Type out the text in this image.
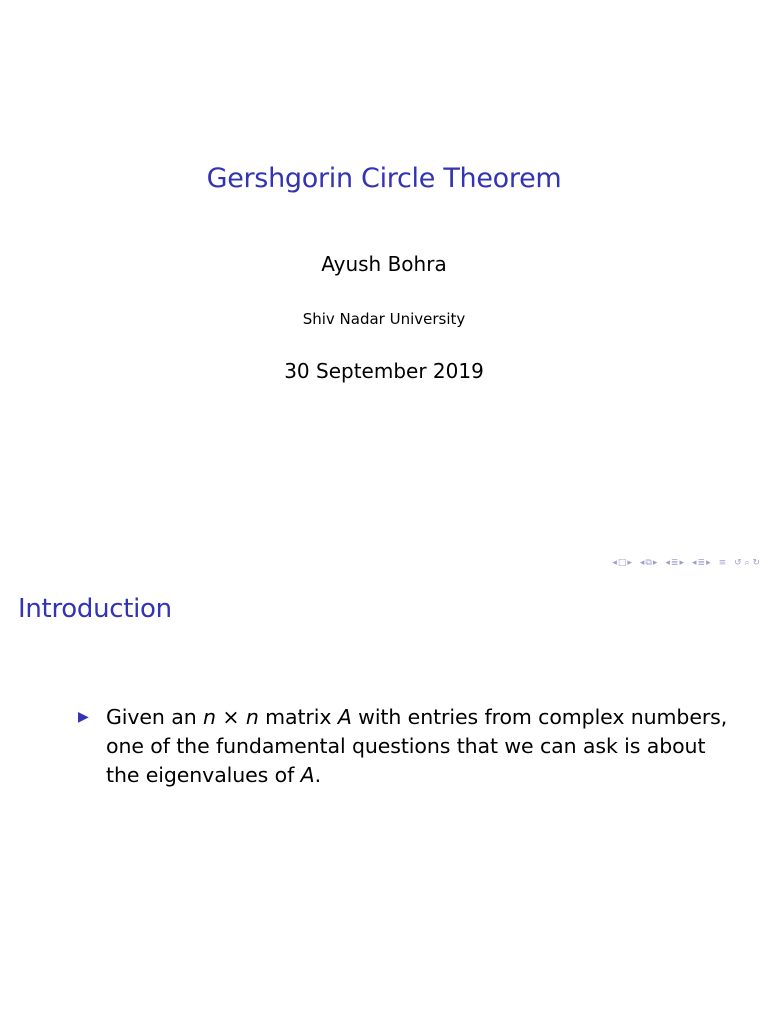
Gershgorin Circle Theorem
Ayush Bohra
Shiv Nadar University
30 September 2019
◂ □ ▸ ◂ ⧉ ▸ ◂ ≣ ▸ ◂ ≣ ▸ ≡ ↺ ⌕ ↻
Introduction
▶ Given an n × n matrix A with entries from complex numbers, one of the fundamental questions that we can ask is about the eigenvalues of A.
